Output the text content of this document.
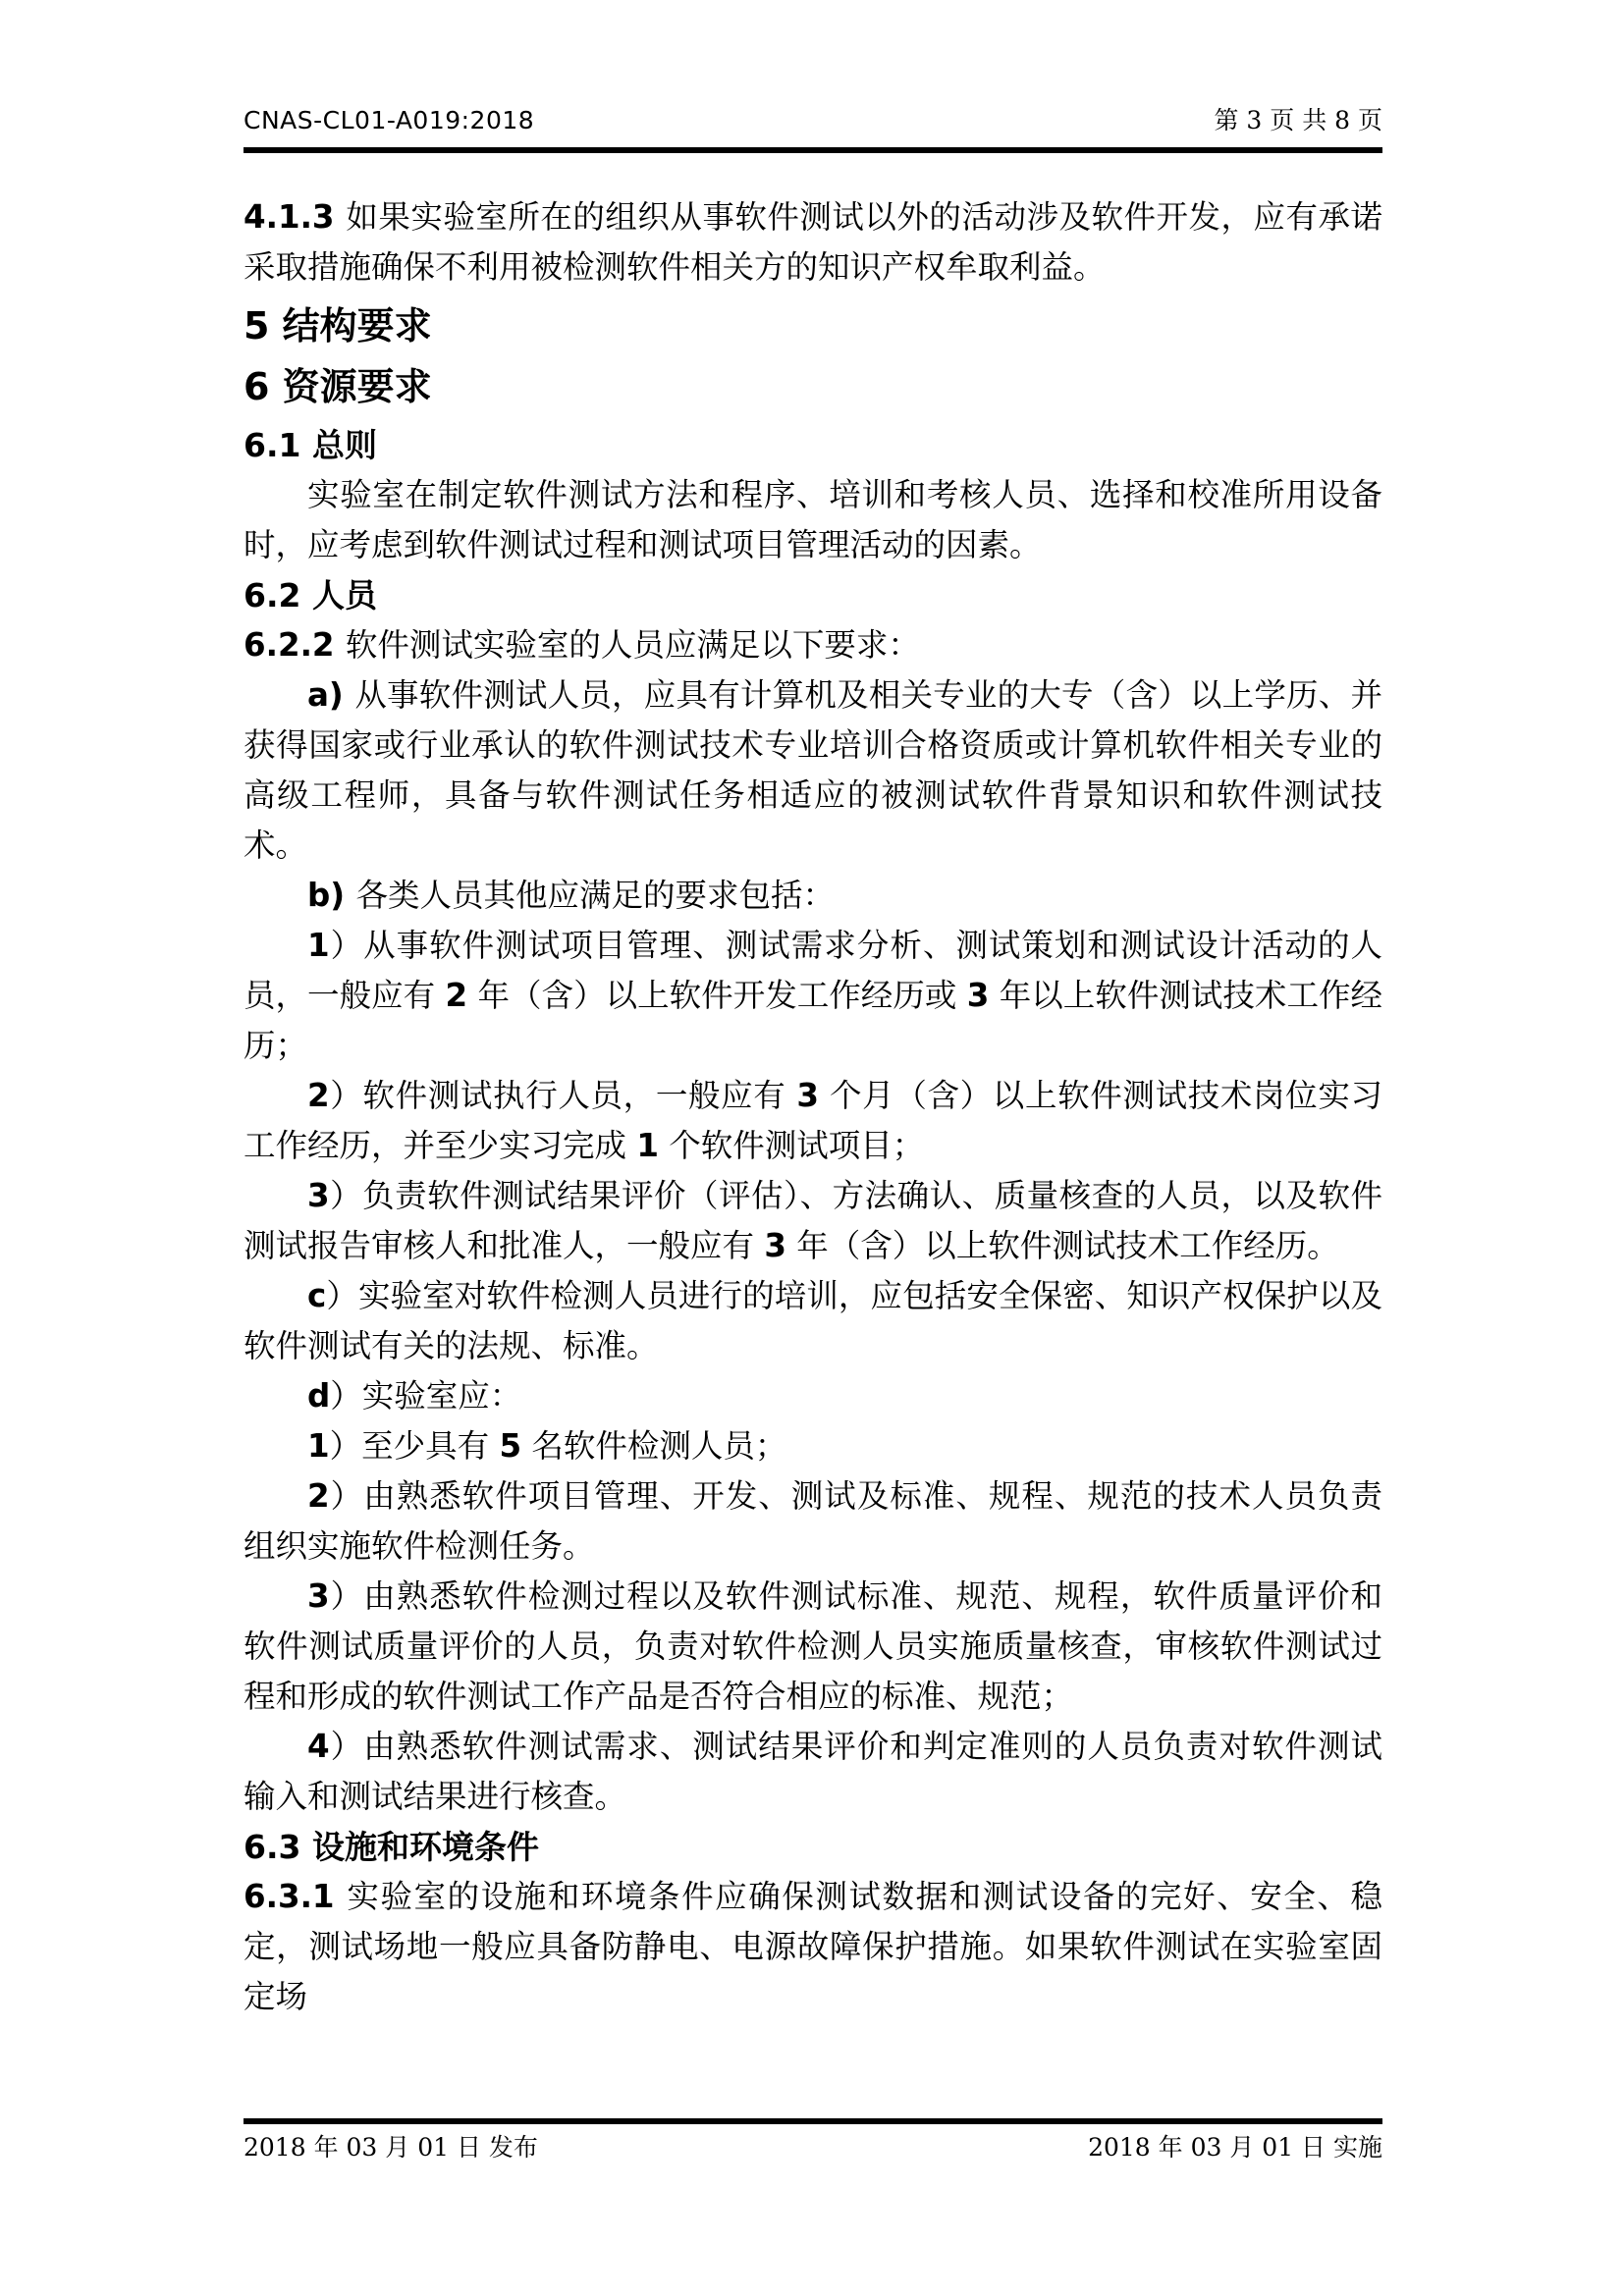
CNAS-CL01-A019:2018	第 3 页 共 8 页
4.1.3 如果实验室所在的组织从事软件测试以外的活动涉及软件开发，应有承诺采取措施确保不利用被检测软件相关方的知识产权牟取利益。
5 结构要求
6 资源要求
6.1 总则
实验室在制定软件测试方法和程序、培训和考核人员、选择和校准所用设备时，应考虑到软件测试过程和测试项目管理活动的因素。
6.2 人员
6.2.2 软件测试实验室的人员应满足以下要求：
a) 从事软件测试人员，应具有计算机及相关专业的大专（含）以上学历、并获得国家或行业承认的软件测试技术专业培训合格资质或计算机软件相关专业的高级工程师，具备与软件测试任务相适应的被测试软件背景知识和软件测试技术。
b) 各类人员其他应满足的要求包括：
1）从事软件测试项目管理、测试需求分析、测试策划和测试设计活动的人员，一般应有 2 年（含）以上软件开发工作经历或 3 年以上软件测试技术工作经历；
2）软件测试执行人员，一般应有 3 个月（含）以上软件测试技术岗位实习工作经历，并至少实习完成 1 个软件测试项目；
3）负责软件测试结果评价（评估）、方法确认、质量核查的人员，以及软件测试报告审核人和批准人，一般应有 3 年（含）以上软件测试技术工作经历。
c）实验室对软件检测人员进行的培训，应包括安全保密、知识产权保护以及软件测试有关的法规、标准。
d）实验室应：
1）至少具有 5 名软件检测人员；
2）由熟悉软件项目管理、开发、测试及标准、规程、规范的技术人员负责组织实施软件检测任务。
3）由熟悉软件检测过程以及软件测试标准、规范、规程，软件质量评价和软件测试质量评价的人员，负责对软件检测人员实施质量核查，审核软件测试过程和形成的软件测试工作产品是否符合相应的标准、规范；
4）由熟悉软件测试需求、测试结果评价和判定准则的人员负责对软件测试输入和测试结果进行核查。
6.3 设施和环境条件
6.3.1 实验室的设施和环境条件应确保测试数据和测试设备的完好、安全、稳定，测试场地一般应具备防静电、电源故障保护措施。如果软件测试在实验室固定场
2018 年 03 月 01 日 发布	2018 年 03 月 01 日 实施
